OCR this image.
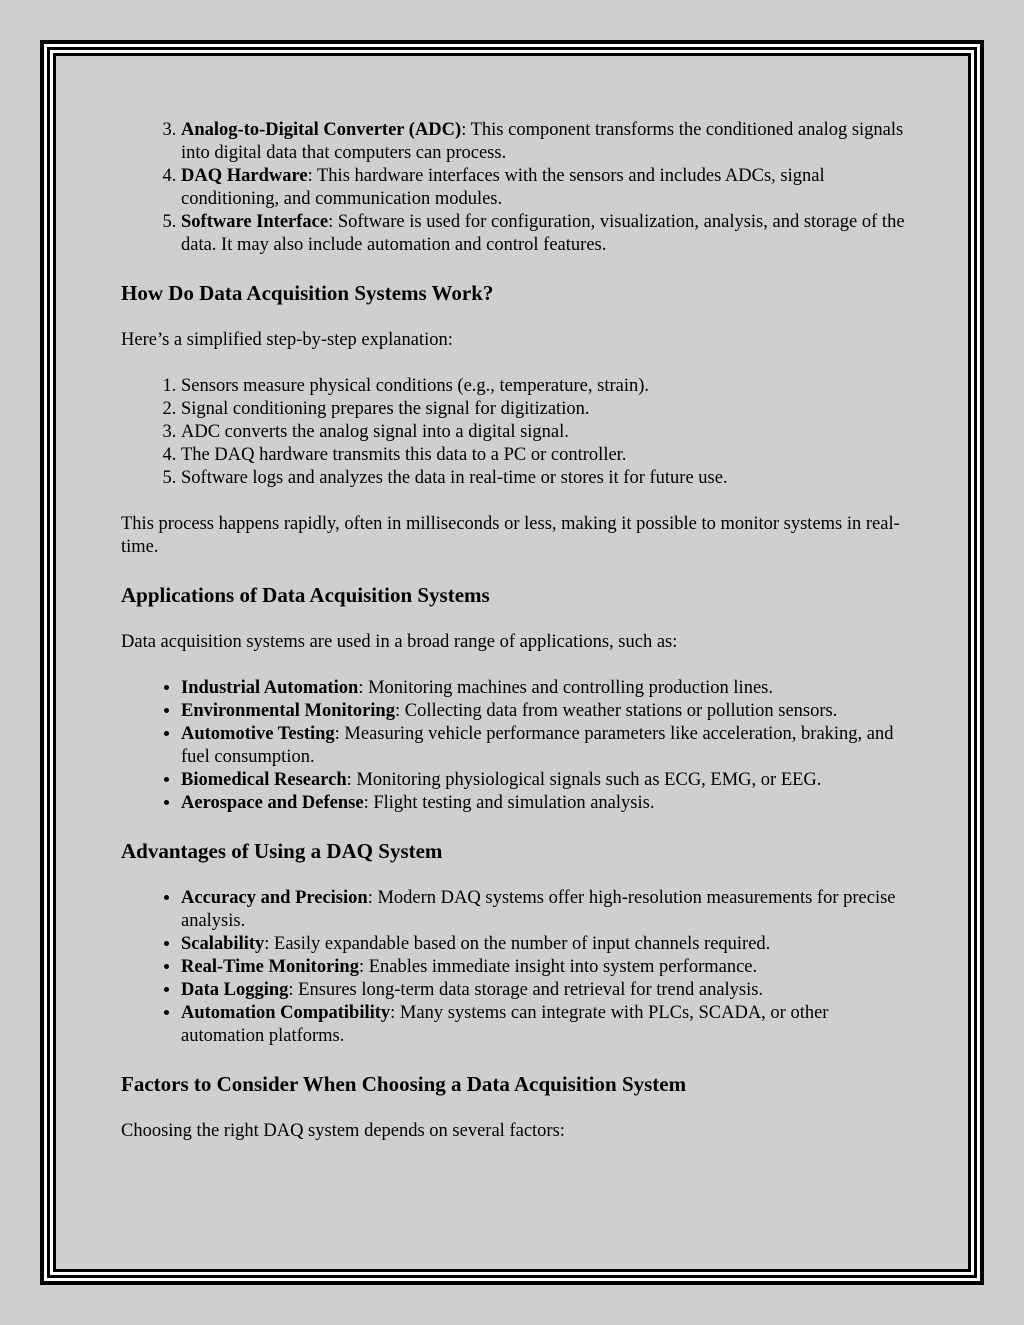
3. Analog-to-Digital Converter (ADC): This component transforms the conditioned analog signals into digital data that computers can process.
4. DAQ Hardware: This hardware interfaces with the sensors and includes ADCs, signal conditioning, and communication modules.
5. Software Interface: Software is used for configuration, visualization, analysis, and storage of the data. It may also include automation and control features.
How Do Data Acquisition Systems Work?

Here’s a simplified step-by-step explanation:

1. Sensors measure physical conditions (e.g., temperature, strain).
2. Signal conditioning prepares the signal for digitization.
3. ADC converts the analog signal into a digital signal.
4. The DAQ hardware transmits this data to a PC or controller.
5. Software logs and analyzes the data in real-time or stores it for future use.

This process happens rapidly, often in milliseconds or less, making it possible to monitor systems in real-time.

Applications of Data Acquisition Systems

Data acquisition systems are used in a broad range of applications, such as:

• Industrial Automation: Monitoring machines and controlling production lines.
• Environmental Monitoring: Collecting data from weather stations or pollution sensors.
• Automotive Testing: Measuring vehicle performance parameters like acceleration, braking, and fuel consumption.
• Biomedical Research: Monitoring physiological signals such as ECG, EMG, or EEG.
• Aerospace and Defense: Flight testing and simulation analysis.
Advantages of Using a DAQ System
• Accuracy and Precision: Modern DAQ systems offer high-resolution measurements for precise analysis.
• Scalability: Easily expandable based on the number of input channels required.
• Real-Time Monitoring: Enables immediate insight into system performance.
• Data Logging: Ensures long-term data storage and retrieval for trend analysis.
• Automation Compatibility: Many systems can integrate with PLCs, SCADA, or other automation platforms.
Factors to Consider When Choosing a Data Acquisition System

Choosing the right DAQ system depends on several factors:
